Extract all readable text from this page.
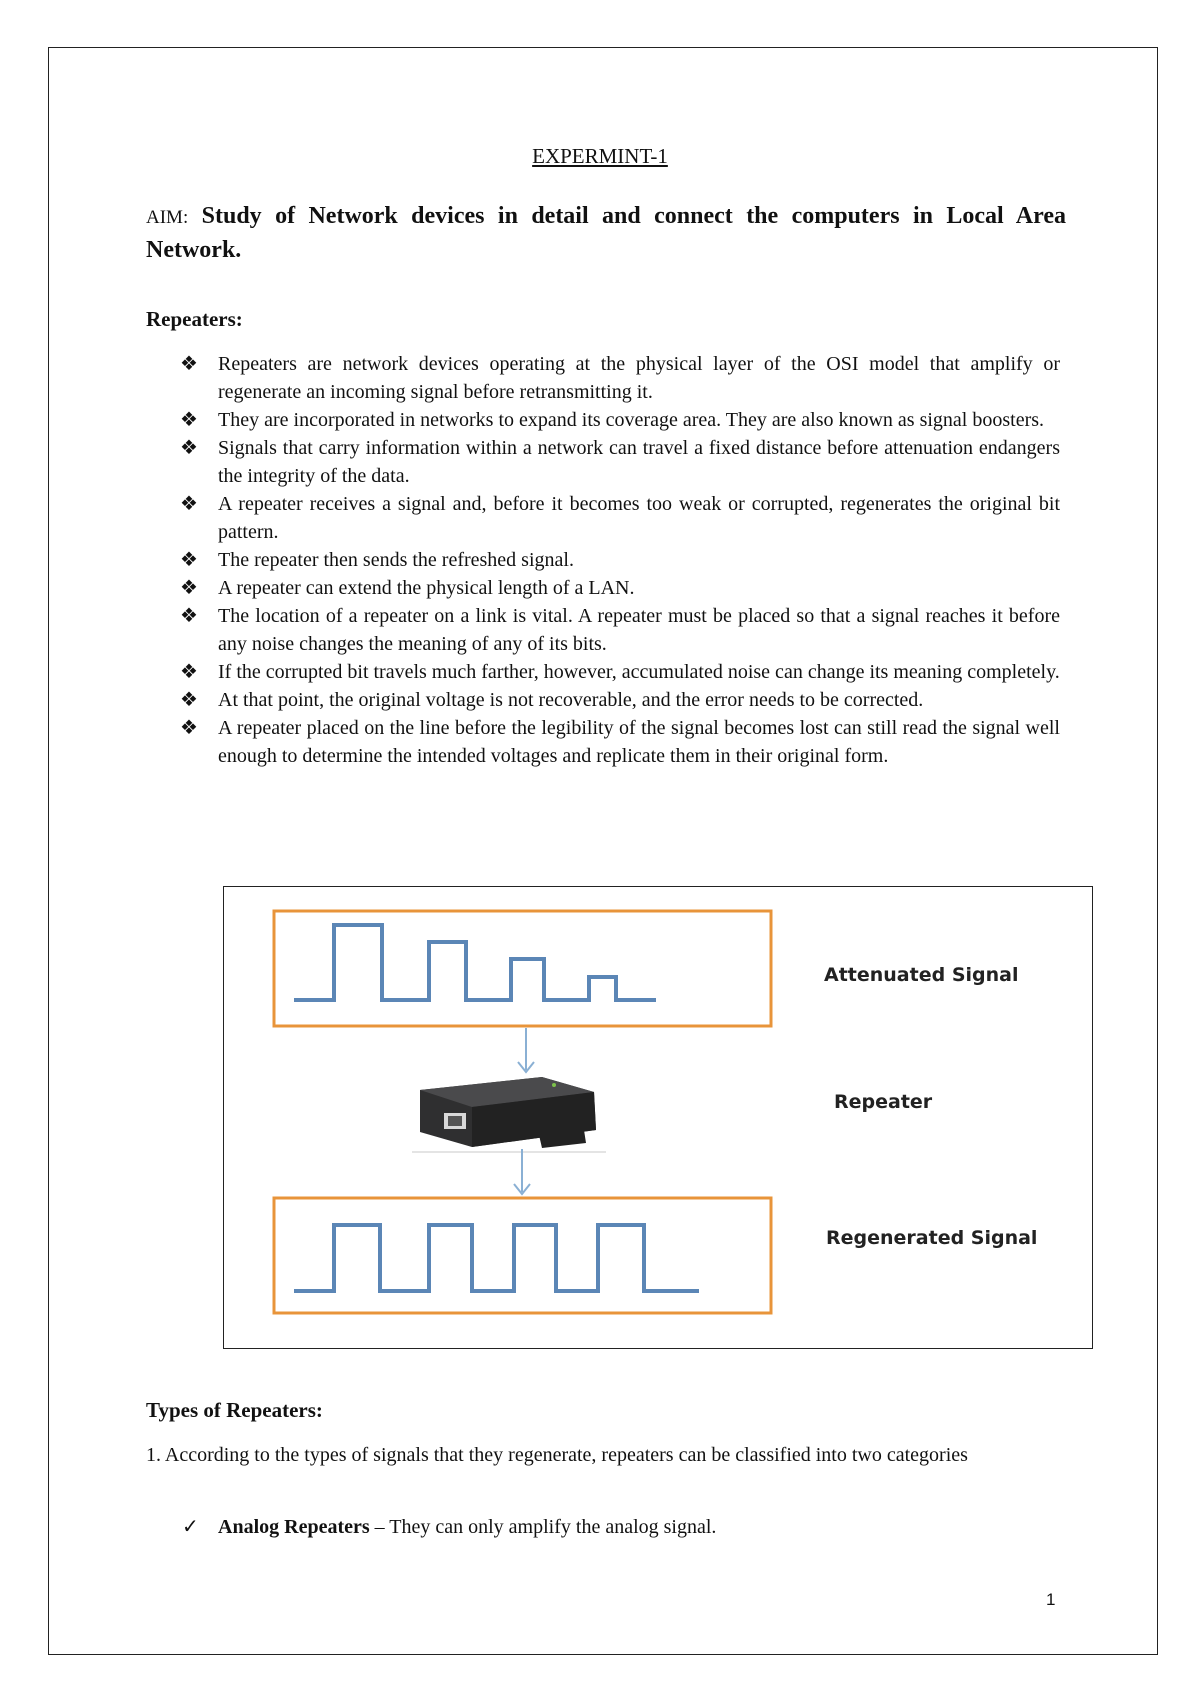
EXPERMINT-1
AIM: Study of Network devices in detail and connect the computers in Local Area Network.
Repeaters:
❖ Repeaters are network devices operating at the physical layer of the OSI model that amplify or regenerate an incoming signal before retransmitting it.
❖ They are incorporated in networks to expand its coverage area. They are also known as signal boosters.
❖ Signals that carry information within a network can travel a fixed distance before attenuation endangers the integrity of the data.
❖ A repeater receives a signal and, before it becomes too weak or corrupted, regenerates the original bit pattern.
❖ The repeater then sends the refreshed signal.
❖ A repeater can extend the physical length of a LAN.
❖ The location of a repeater on a link is vital. A repeater must be placed so that a signal reaches it before any noise changes the meaning of any of its bits.
❖ If the corrupted bit travels much farther, however, accumulated noise can change its meaning completely.
❖ At that point, the original voltage is not recoverable, and the error needs to be corrected.
❖ A repeater placed on the line before the legibility of the signal becomes lost can still read the signal well enough to determine the intended voltages and replicate them in their original form.
Attenuated Signal
Repeater
Regenerated Signal
Types of Repeaters:
1. According to the types of signals that they regenerate, repeaters can be classified into two categories
✓ Analog Repeaters – They can only amplify the analog signal.
1
